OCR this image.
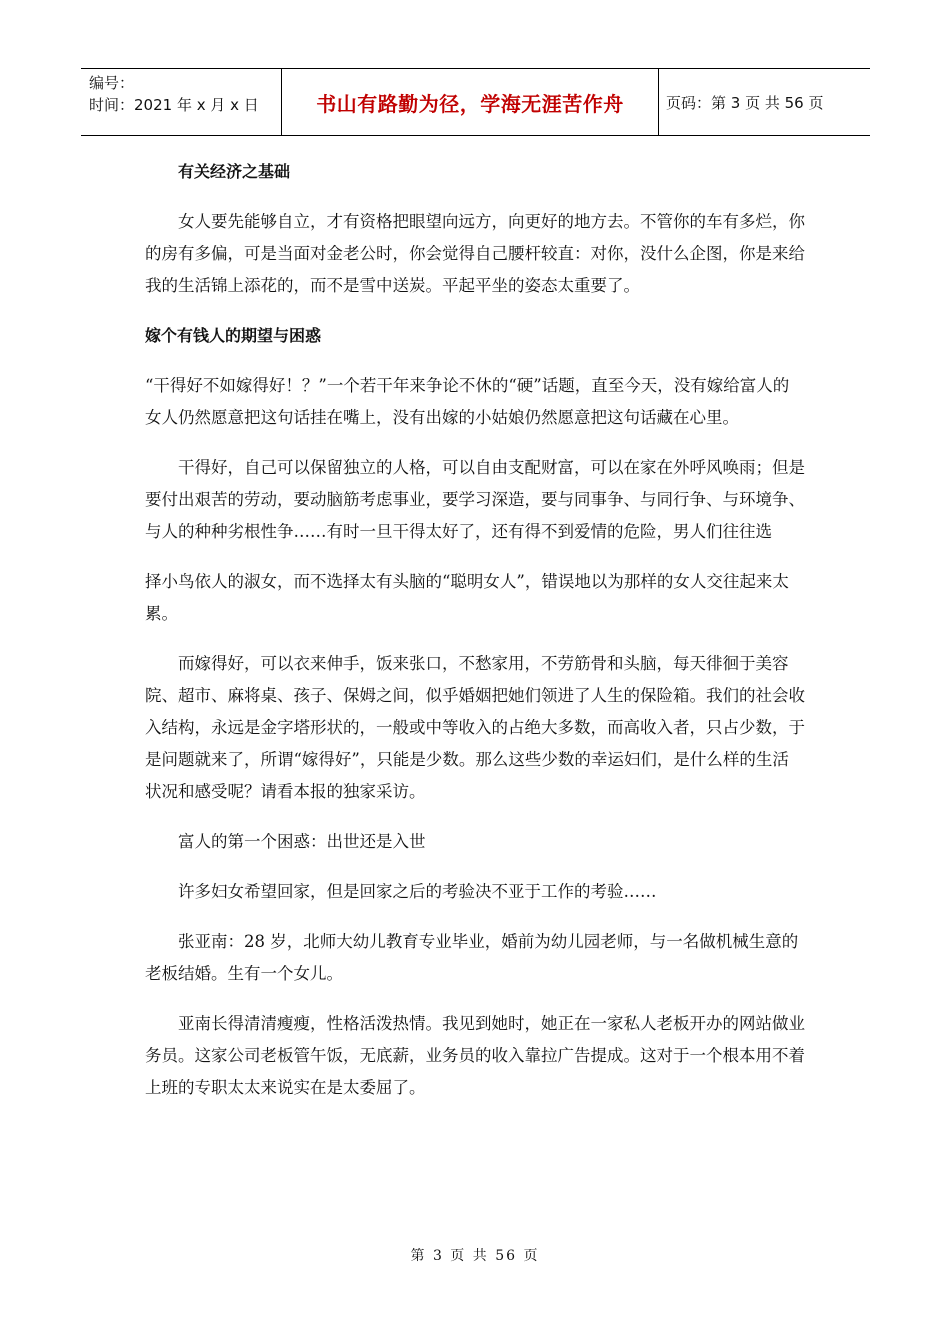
编号：
时间：2021 年 x 月 x 日	书山有路勤为径，学海无涯苦作舟	页码：第 3 页 共 56 页

有关经济之基础

女人要先能够自立，才有资格把眼望向远方，向更好的地方去。不管你的车有多烂，你的房有多偏，可是当面对金老公时，你会觉得自己腰杆较直：对你，没什么企图，你是来给我的生活锦上添花的，而不是雪中送炭。平起平坐的姿态太重要了。

嫁个有钱人的期望与困惑

“干得好不如嫁得好！？”一个若干年来争论不休的“硬”话题，直至今天，没有嫁给富人的女人仍然愿意把这句话挂在嘴上，没有出嫁的小姑娘仍然愿意把这句话藏在心里。

干得好，自己可以保留独立的人格，可以自由支配财富，可以在家在外呼风唤雨；但是要付出艰苦的劳动，要动脑筋考虑事业，要学习深造，要与同事争、与同行争、与环境争、与人的种种劣根性争……有时一旦干得太好了，还有得不到爱情的危险，男人们往往选

择小鸟依人的淑女，而不选择太有头脑的“聪明女人”，错误地以为那样的女人交往起来太累。

而嫁得好，可以衣来伸手，饭来张口，不愁家用，不劳筋骨和头脑，每天徘徊于美容院、超市、麻将桌、孩子、保姆之间，似乎婚姻把她们领进了人生的保险箱。我们的社会收入结构，永远是金字塔形状的，一般或中等收入的占绝大多数，而高收入者，只占少数，于是问题就来了，所谓“嫁得好”，只能是少数。那么这些少数的幸运妇们，是什么样的生活状况和感受呢？请看本报的独家采访。

富人的第一个困惑：出世还是入世

许多妇女希望回家，但是回家之后的考验决不亚于工作的考验……

张亚南：28 岁，北师大幼儿教育专业毕业，婚前为幼儿园老师，与一名做机械生意的老板结婚。生有一个女儿。

亚南长得清清瘦瘦，性格活泼热情。我见到她时，她正在一家私人老板开办的网站做业务员。这家公司老板管午饭，无底薪，业务员的收入靠拉广告提成。这对于一个根本用不着上班的专职太太来说实在是太委屈了。

第 3 页 共 56 页
